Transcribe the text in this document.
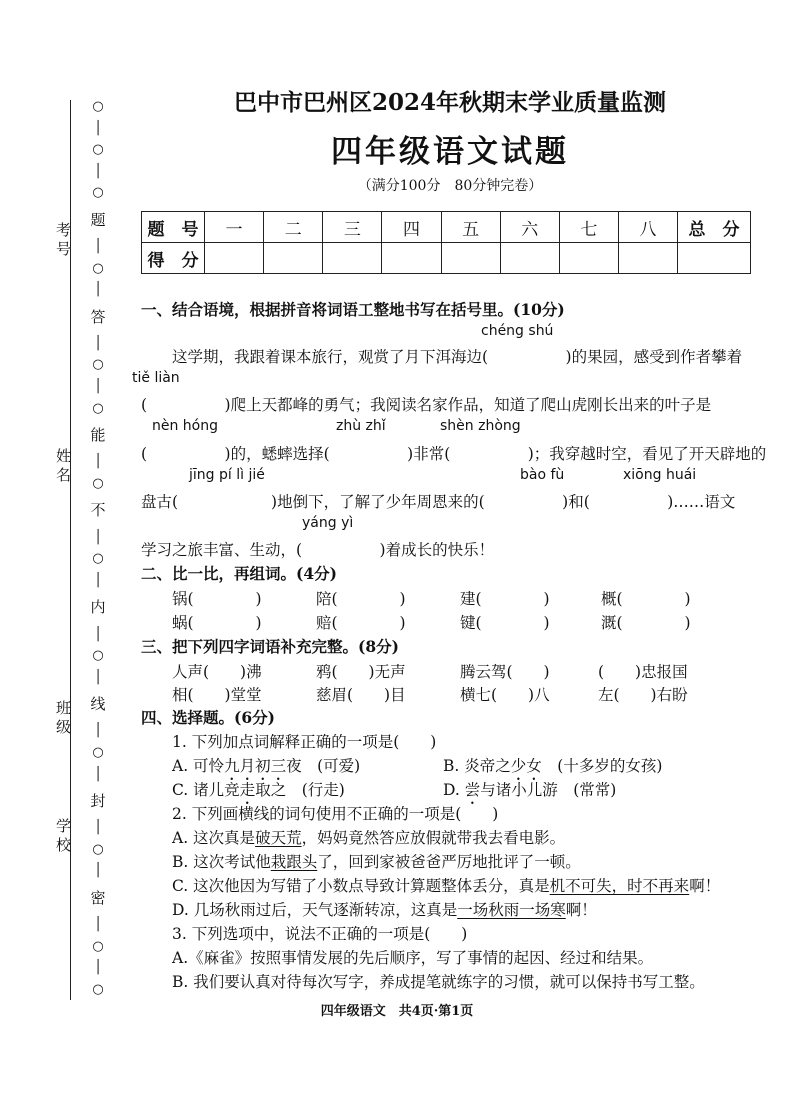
考号
姓名
班级
学校
○
│
○
│
○
题
│
○
│
答
│
○
│
○
能
│
○
不
│
○
│
内
│
○
│
线
│
○
│
封
│
○
│
密
│
○
│
○
巴中市巴州区2024年秋期末学业质量监测
四年级语文试题
（满分100分　80分钟完卷）
题　号	一	二	三	四	五	六	七	八	总　分
得　分									
一、结合语境，根据拼音将词语工整地书写在括号里。(10分)
chéng shú
这学期，我跟着课本旅行，观赏了月下洱海边(　　　　　)的果园，感受到作者攀着
tiě liàn
(　　　　　)爬上天都峰的勇气；我阅读名家作品，知道了爬山虎刚长出来的叶子是
nèn hóng	zhù zhǐ	shèn zhòng
(　　　　　)的，蟋蟀选择(　　　　　)非常(　　　　　)；我穿越时空，看见了开天辟地的
jīng pí lì jié	bào fù	xiōng huái
盘古(　　　　　　)地倒下，了解了少年周恩来的(　　　　　)和(　　　　　)……语文
yáng yì
学习之旅丰富、生动，(　　　　　)着成长的快乐！
二、比一比，再组词。(4分)
锅(　　　　)	陪(　　　　)	建(　　　　)	概(　　　　)
蜗(　　　　)	赔(　　　　)	键(　　　　)	溉(　　　　)
三、把下列四字词语补充完整。(8分)
人声(　　)沸	鸦(　　)无声	腾云驾(　　)	(　　)忠报国
相(　　)堂堂	慈眉(　　)目	横七(　　)八	左(　　)右盼
四、选择题。(6分)
1. 下列加点词解释正确的一项是(　　)
A. 可怜九月初三夜　(可爱)	B. 炎帝之少女　(十多岁的女孩)
C. 诸儿竞走取之　(行走)	D. 尝与诸小儿游　(常常)
2. 下列画横线的词句使用不正确的一项是(　　)
A. 这次真是破天荒，妈妈竟然答应放假就带我去看电影。
B. 这次考试他栽跟头了，回到家被爸爸严厉地批评了一顿。
C. 这次他因为写错了小数点导致计算题整体丢分，真是机不可失，时不再来啊！
D. 几场秋雨过后，天气逐渐转凉，这真是一场秋雨一场寒啊！
3. 下列选项中，说法不正确的一项是(　　)
A.《麻雀》按照事情发展的先后顺序，写了事情的起因、经过和结果。
B. 我们要认真对待每次写字，养成提笔就练字的习惯，就可以保持书写工整。
四年级语文　共4页·第1页
